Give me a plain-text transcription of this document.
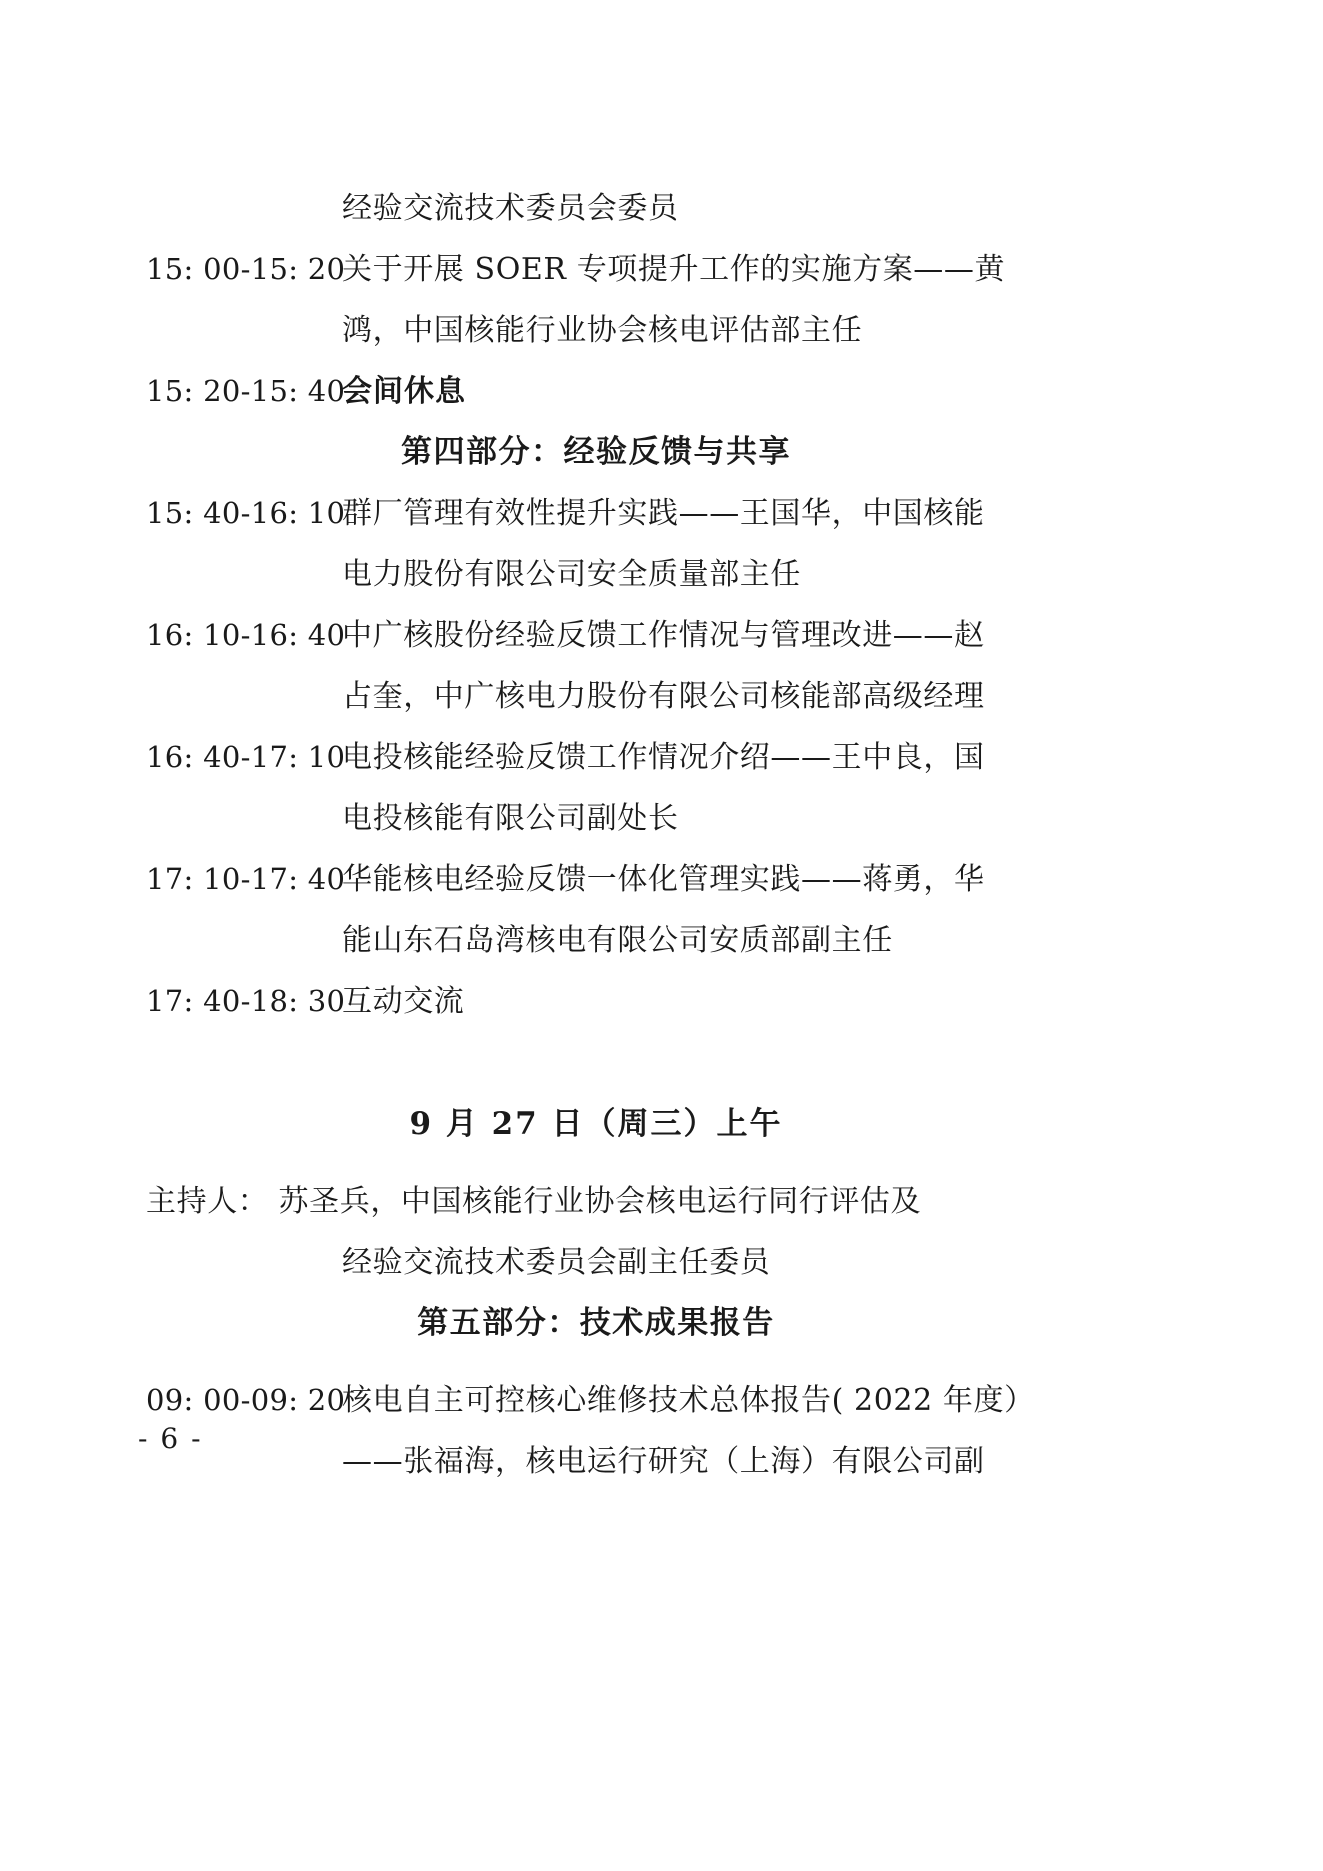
经验交流技术委员会委员
15: 00-15: 20
关于开展 SOER 专项提升工作的实施方案——黄
鸿，中国核能行业协会核电评估部主任
15: 20-15: 40
会间休息
第四部分：经验反馈与共享
15: 40-16: 10
群厂管理有效性提升实践——王国华，中国核能
电力股份有限公司安全质量部主任
16: 10-16: 40
中广核股份经验反馈工作情况与管理改进——赵
占奎，中广核电力股份有限公司核能部高级经理
16: 40-17: 10
电投核能经验反馈工作情况介绍——王中良，国
电投核能有限公司副处长
17: 10-17: 40
华能核电经验反馈一体化管理实践——蒋勇，华
能山东石岛湾核电有限公司安质部副主任
17: 40-18: 30
互动交流
9 月 27 日（周三）上午
主持人： 苏圣兵，中国核能行业协会核电运行同行评估及
经验交流技术委员会副主任委员
第五部分：技术成果报告
09: 00-09: 20
核电自主可控核心维修技术总体报告( 2022 年度）
——张福海，核电运行研究（上海）有限公司副
- 6 -
